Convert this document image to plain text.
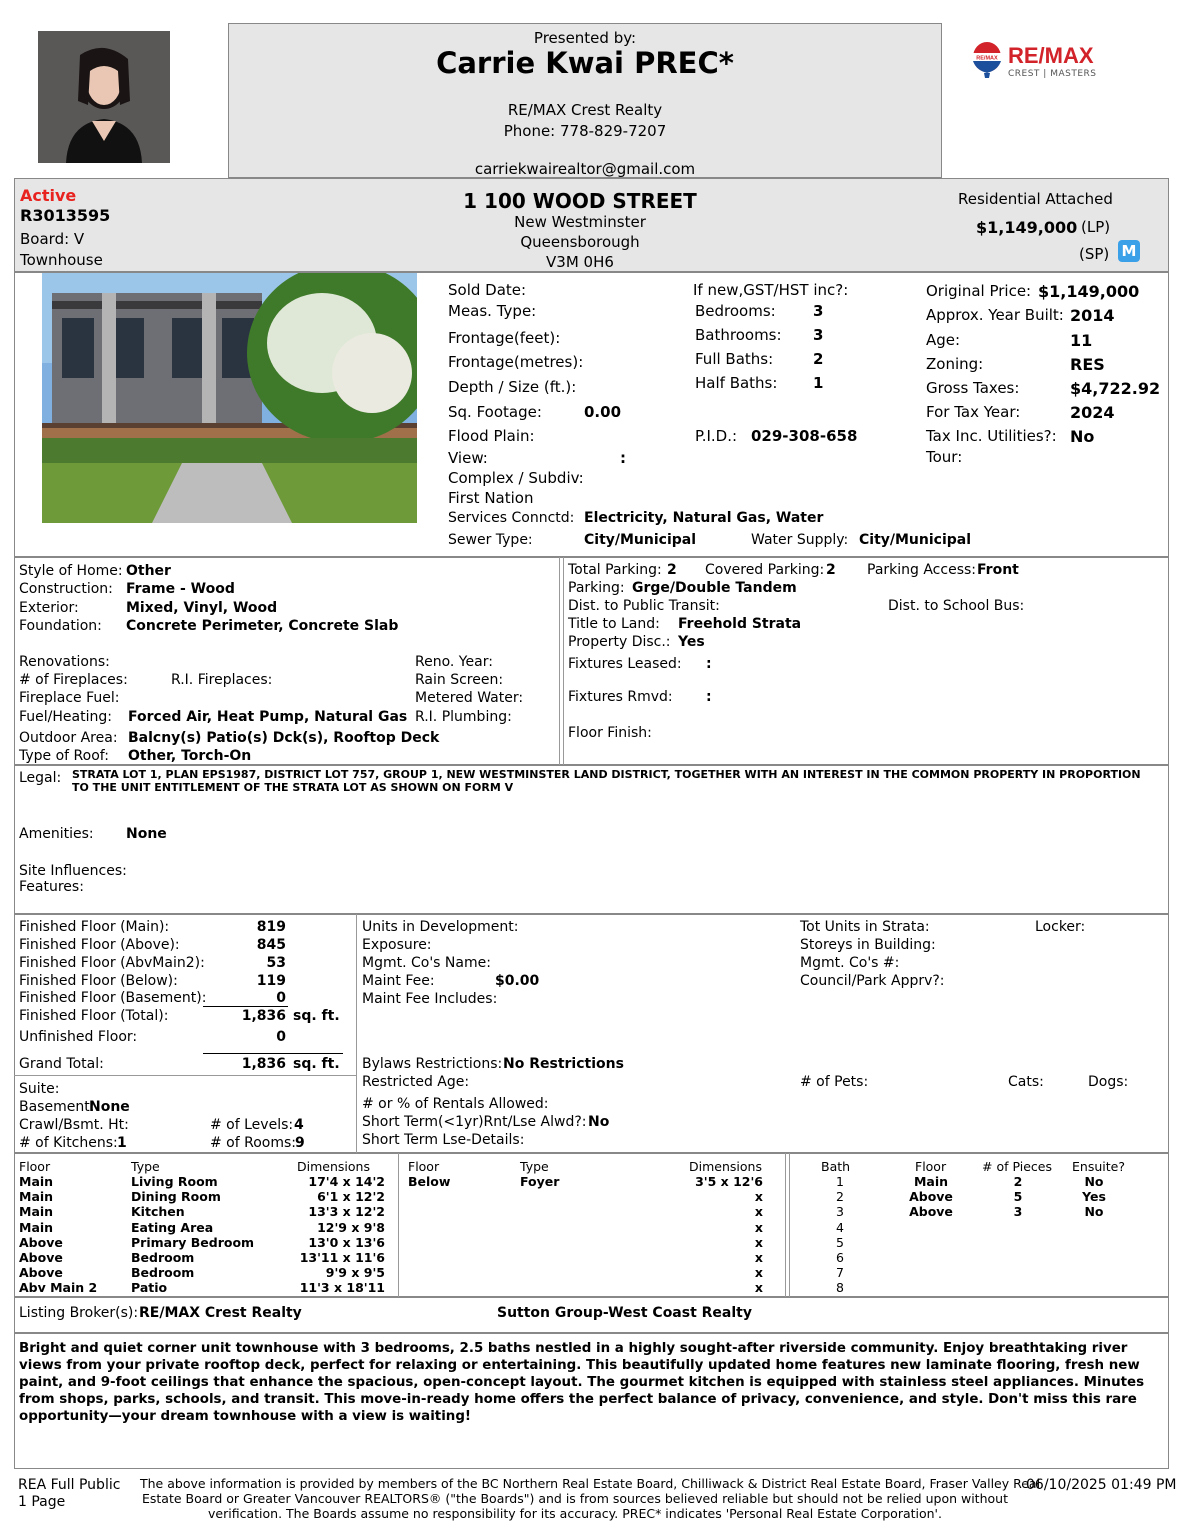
Presented by:
Carrie Kwai PREC*
RE/MAX Crest Realty
Phone: 778-829-7207
carriekwairealtor@gmail.com
RE/MAX RE/MAX
CREST | MASTERS
Active
R3013595
Board: V
Townhouse
1 100 WOOD STREET
New Westminster
Queensborough
V3M 0H6
Residential Attached
$1,149,000 (LP)
(SP) M
Sold Date:
Meas. Type:
Frontage(feet):
Frontage(metres):
Depth / Size (ft.):
Sq. Footage:	0.00
Flood Plain:
View:	:
Complex / Subdiv:
First Nation
Services Connctd: Electricity, Natural Gas, Water
Sewer Type:	City/Municipal	Water Supply: City/Municipal
If new,GST/HST inc?:
Bedrooms: 3
Bathrooms: 3
Full Baths:	2
Half Baths: 1
P.I.D.: 029-308-658
Original Price: $1,149,000
Approx. Year Built: 2014
Age:	11
Zoning:	RES
Gross Taxes:	$4,722.92
For Tax Year:	2024
Tax Inc. Utilities?: No
Tour:
Style of Home: Other
Construction: Frame - Wood
Exterior:	Mixed, Vinyl, Wood
Foundation: Concrete Perimeter, Concrete Slab
Renovations:
# of Fireplaces:	R.I. Fireplaces:
Fireplace Fuel:
Fuel/Heating: Forced Air, Heat Pump, Natural Gas
Outdoor Area: Balcny(s) Patio(s) Dck(s), Rooftop Deck
Type of Roof: Other, Torch-On
Reno. Year:
Rain Screen:
Metered Water:
R.I. Plumbing:
Total Parking: 2 Covered Parking: 2 Parking Access: Front
Parking: Grge/Double Tandem
Dist. to Public Transit:	Dist. to School Bus:
Title to Land: Freehold Strata
Property Disc.: Yes
Fixtures Leased: :
Fixtures Rmvd: :
Floor Finish:
Legal: STRATA LOT 1, PLAN EPS1987, DISTRICT LOT 757, GROUP 1, NEW WESTMINSTER LAND DISTRICT, TOGETHER WITH AN INTEREST IN THE COMMON PROPERTY IN PROPORTION
TO THE UNIT ENTITLEMENT OF THE STRATA LOT AS SHOWN ON FORM V
Amenities: None
Site Influences:
Features:
Finished Floor (Main):	819
Finished Floor (Above):	845
Finished Floor (AbvMain2):	53
Finished Floor (Below):	119
Finished Floor (Basement):	0
Finished Floor (Total):	1,836 sq. ft.
Unfinished Floor:	0
Grand Total:	1,836 sq. ft.
Suite:
Basement:
None
Crawl/Bsmt. Ht:	# of Levels: 4
# of Kitchens: 1	# of Rooms:
9
Units in Development:
Exposure:
Mgmt. Co's Name:
Maint Fee:	$0.00
Maint Fee Includes:
Tot Units in Strata:	Locker:
Storeys in Building:
Mgmt. Co's #:
Council/Park Apprv?:
Bylaws Restrictions: No Restrictions
Restricted Age:	# of Pets:	Cats:	Dogs:
# or % of Rentals Allowed:
Short Term(<1yr)Rnt/Lse Alwd?: No
Short Term Lse-Details:
Floor	Type	Dimensions
Main	Living Room	17'4 x 14'2
Main	Dining Room	6'1 x 12'2
Main	Kitchen	13'3 x 12'2
Main	Eating Area	12'9 x 9'8
Above	Primary Bedroom	13'0 x 13'6
Above	Bedroom	13'11 x 11'6
Above	Bedroom	9'9 x 9'5
Abv Main 2	Patio	11'3 x 18'11
Floor	Type	Dimensions
Below	Foyer	3'5 x 12'6
x
x
x
x
x
x
x
Bath	Floor	# of Pieces Ensuite?
1	Main	2	No
2	Above	5	Yes
3	Above	3	No
4
5
6
7
8
Listing Broker(s): RE/MAX Crest Realty	Sutton Group-West Coast Realty
Bright and quiet corner unit townhouse with 3 bedrooms, 2.5 baths nestled in a highly sought-after riverside community. Enjoy breathtaking river
views from your private rooftop deck, perfect for relaxing or entertaining. This beautifully updated home features new laminate flooring, fresh new
paint, and 9-foot ceilings that enhance the spacious, open-concept layout. The gourmet kitchen is equipped with stainless steel appliances. Minutes
from shops, parks, schools, and transit. This move-in-ready home offers the perfect balance of privacy, convenience, and style. Don't miss this rare
opportunity—your dream townhouse with a view is waiting!
REA Full Public
1 Page
The above information is provided by members of the BC Northern Real Estate Board, Chilliwack & District Real Estate Board, Fraser Valley Real
Estate Board or Greater Vancouver REALTORS® ("the Boards") and is from sources believed reliable but should not be relied upon without
verification. The Boards assume no responsibility for its accuracy. PREC* indicates 'Personal Real Estate Corporation'.
06/10/2025 01:49 PM
